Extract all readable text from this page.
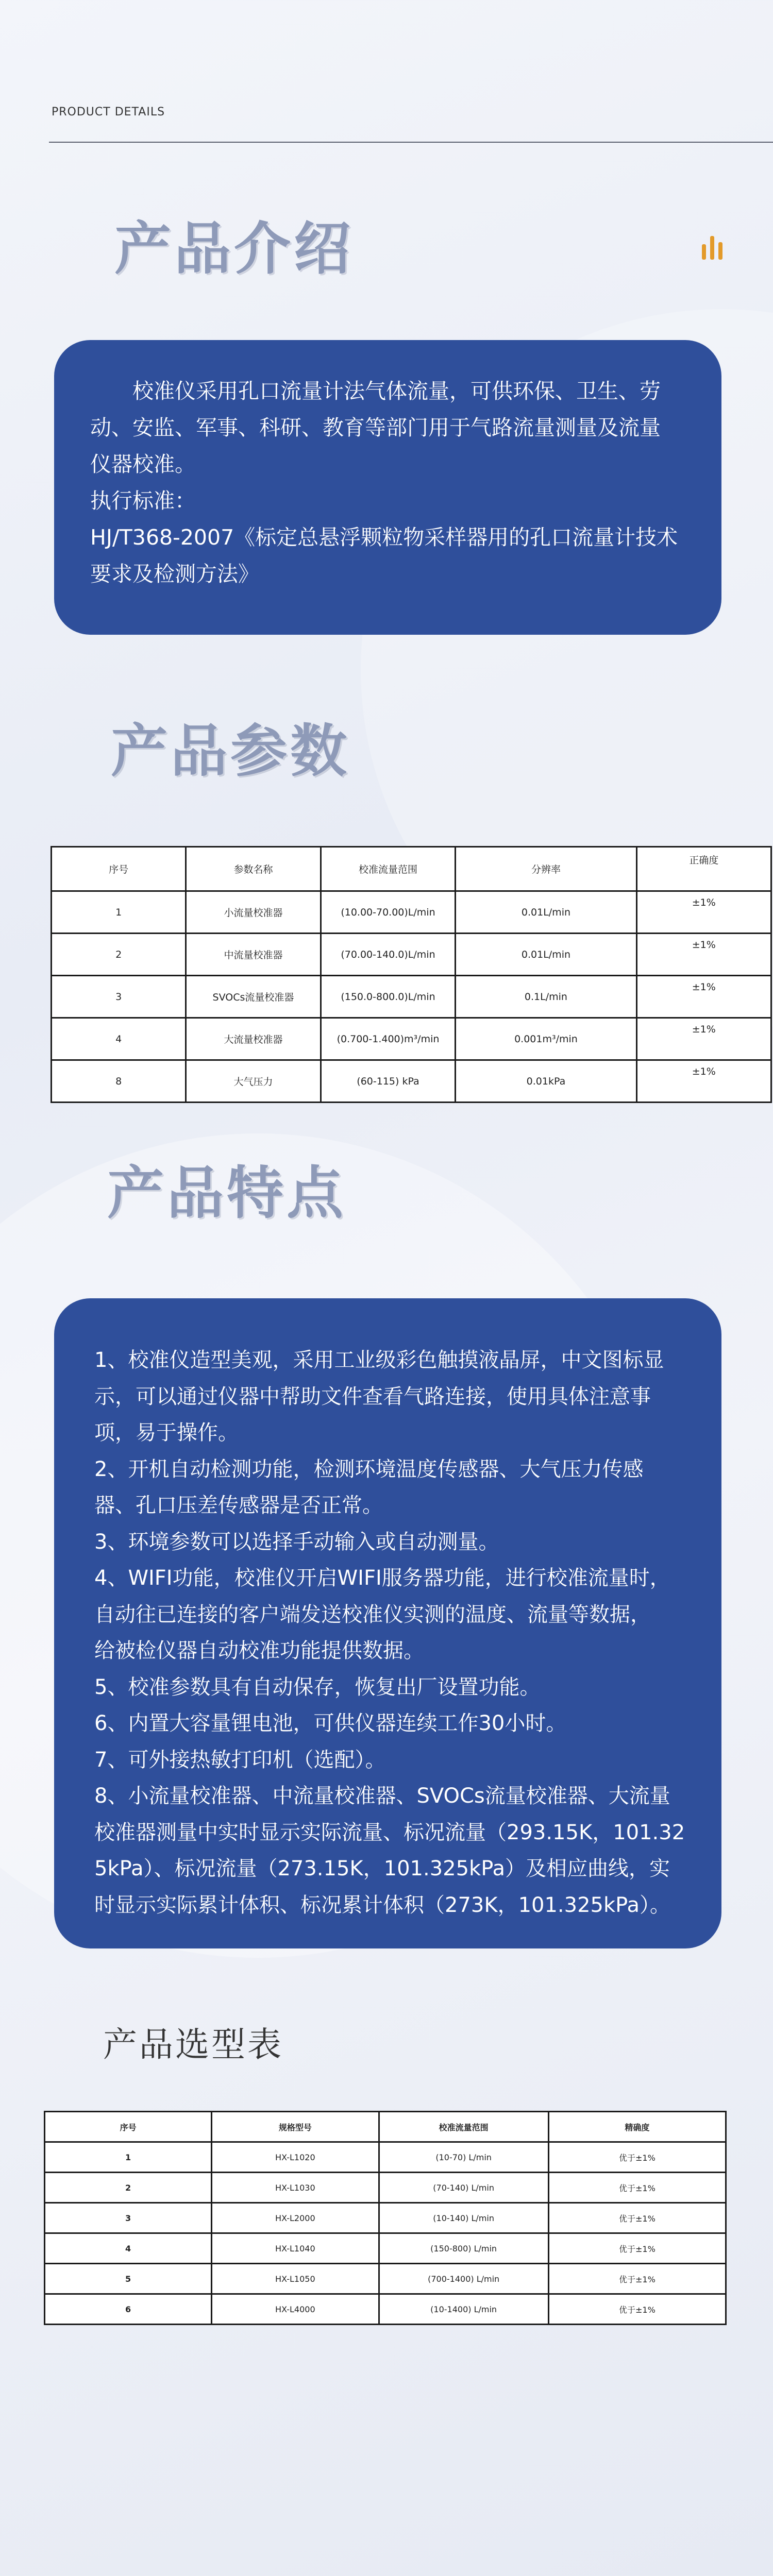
PRODUCT DETAILS
产品介绍
　　校准仪采用孔口流量计法气体流量，可供环保、卫生、劳
动、安监、军事、科研、教育等部门用于气路流量测量及流量
仪器校准。
执行标准：
HJ/T368-2007《标定总悬浮颗粒物采样器用的孔口流量计技术
要求及检测方法》
产品参数
序号	参数名称	校准流量范围	分辨率	正确度
1	小流量校准器	(10.00-70.00)L/min	0.01L/min	±1%
2	中流量校准器	(70.00-140.0)L/min	0.01L/min	±1%
3	SVOCs流量校准器	(150.0-800.0)L/min	0.1L/min	±1%
4	大流量校准器	(0.700-1.400)m³/min	0.001m³/min	±1%
8	大气压力	(60-115) kPa	0.01kPa	±1%
产品特点
1、校准仪造型美观，采用工业级彩色触摸液晶屏，中文图标显
示，可以通过仪器中帮助文件查看气路连接，使用具体注意事
项，易于操作。
2、开机自动检测功能，检测环境温度传感器、大气压力传感
器、孔口压差传感器是否正常。
3、环境参数可以选择手动输入或自动测量。
4、WIFI功能，校准仪开启WIFI服务器功能，进行校准流量时，
自动往已连接的客户端发送校准仪实测的温度、流量等数据，
给被检仪器自动校准功能提供数据。
5、校准参数具有自动保存，恢复出厂设置功能。
6、内置大容量锂电池，可供仪器连续工作30小时。
7、可外接热敏打印机（选配）。
8、小流量校准器、中流量校准器、SVOCs流量校准器、大流量
校准器测量中实时显示实际流量、标况流量（293.15K，101.32
5kPa）、标况流量（273.15K，101.325kPa）及相应曲线，实
时显示实际累计体积、标况累计体积（273K，101.325kPa）。
产品选型表
序号	规格型号	校准流量范围	精确度
1	HX-L1020	(10-70) L/min	优于±1%
2	HX-L1030	(70-140) L/min	优于±1%
3	HX-L2000	(10-140) L/min	优于±1%
4	HX-L1040	(150-800) L/min	优于±1%
5	HX-L1050	(700-1400) L/min	优于±1%
6	HX-L4000	(10-1400) L/min	优于±1%
